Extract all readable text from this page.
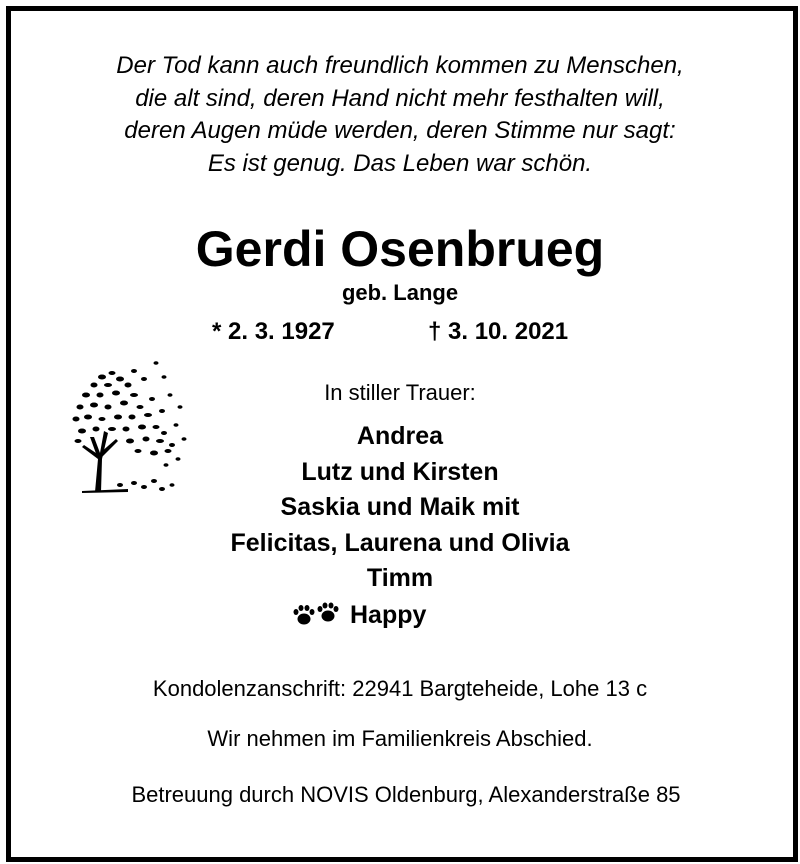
Der Tod kann auch freundlich kommen zu Menschen,
die alt sind, deren Hand nicht mehr festhalten will,
deren Augen müde werden, deren Stimme nur sagt:
Es ist genug. Das Leben war schön.
Gerdi Osenbrueg
geb. Lange
* 2. 3. 1927	† 3. 10. 2021
In stiller Trauer:
Andrea
Lutz und Kirsten
Saskia und Maik mit
Felicitas, Laurena und Olivia
Timm
Happy
Kondolenzanschrift: 22941 Bargteheide, Lohe 13 c
Wir nehmen im Familienkreis Abschied.
Betreuung durch NOVIS Oldenburg, Alexanderstraße 85
